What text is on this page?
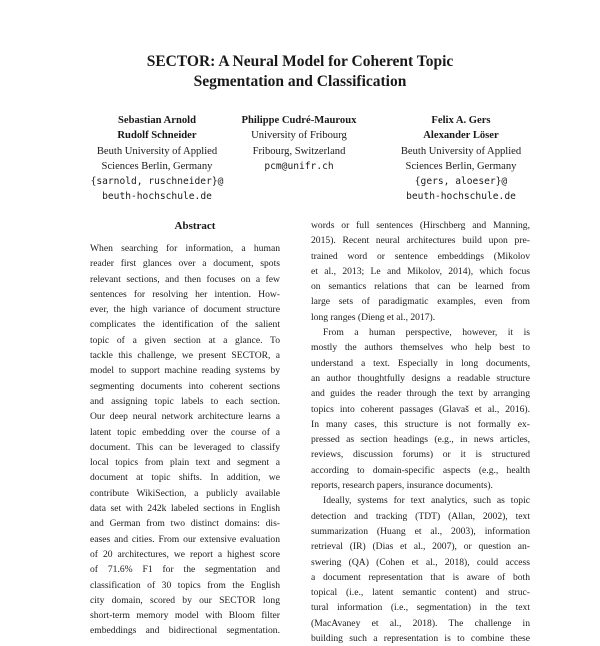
SECTOR: A Neural Model for Coherent Topic
Segmentation and Classification
Sebastian Arnold
Rudolf Schneider
Beuth University of Applied
Sciences Berlin, Germany
{sarnold, ruschneider}@
beuth-hochschule.de
Philippe Cudré-Mauroux
University of Fribourg
Fribourg, Switzerland
pcm@unifr.ch
Felix A. Gers
Alexander Löser
Beuth University of Applied
Sciences Berlin, Germany
{gers, aloeser}@
beuth-hochschule.de
Abstract
When searching for information, a human
reader first glances over a document, spots
relevant sections, and then focuses on a few
sentences for resolving her intention. How-
ever, the high variance of document structure
complicates the identification of the salient
topic of a given section at a glance. To
tackle this challenge, we present SECTOR, a
model to support machine reading systems by
segmenting documents into coherent sections
and assigning topic labels to each section.
Our deep neural network architecture learns a
latent topic embedding over the course of a
document. This can be leveraged to classify
local topics from plain text and segment a
document at topic shifts. In addition, we
contribute WikiSection, a publicly available
data set with 242k labeled sections in English
and German from two distinct domains: dis-
eases and cities. From our extensive evaluation
of 20 architectures, we report a highest score
of 71.6% F1 for the segmentation and
classification of 30 topics from the English
city domain, scored by our SECTOR long
short-term memory model with Bloom filter
embeddings and bidirectional segmentation.
words or full sentences (Hirschberg and Manning,
2015). Recent neural architectures build upon pre-
trained word or sentence embeddings (Mikolov
et al., 2013; Le and Mikolov, 2014), which focus
on semantics relations that can be learned from
large sets of paradigmatic examples, even from
long ranges (Dieng et al., 2017).
From a human perspective, however, it is
mostly the authors themselves who help best to
understand a text. Especially in long documents,
an author thoughtfully designs a readable structure
and guides the reader through the text by arranging
topics into coherent passages (Glavaš et al., 2016).
In many cases, this structure is not formally ex-
pressed as section headings (e.g., in news articles,
reviews, discussion forums) or it is structured
according to domain-specific aspects (e.g., health
reports, research papers, insurance documents).
Ideally, systems for text analytics, such as topic
detection and tracking (TDT) (Allan, 2002), text
summarization (Huang et al., 2003), information
retrieval (IR) (Dias et al., 2007), or question an-
swering (QA) (Cohen et al., 2018), could access
a document representation that is aware of both
topical (i.e., latent semantic content) and struc-
tural information (i.e., segmentation) in the text
(MacAvaney et al., 2018). The challenge in
building such a representation is to combine these
